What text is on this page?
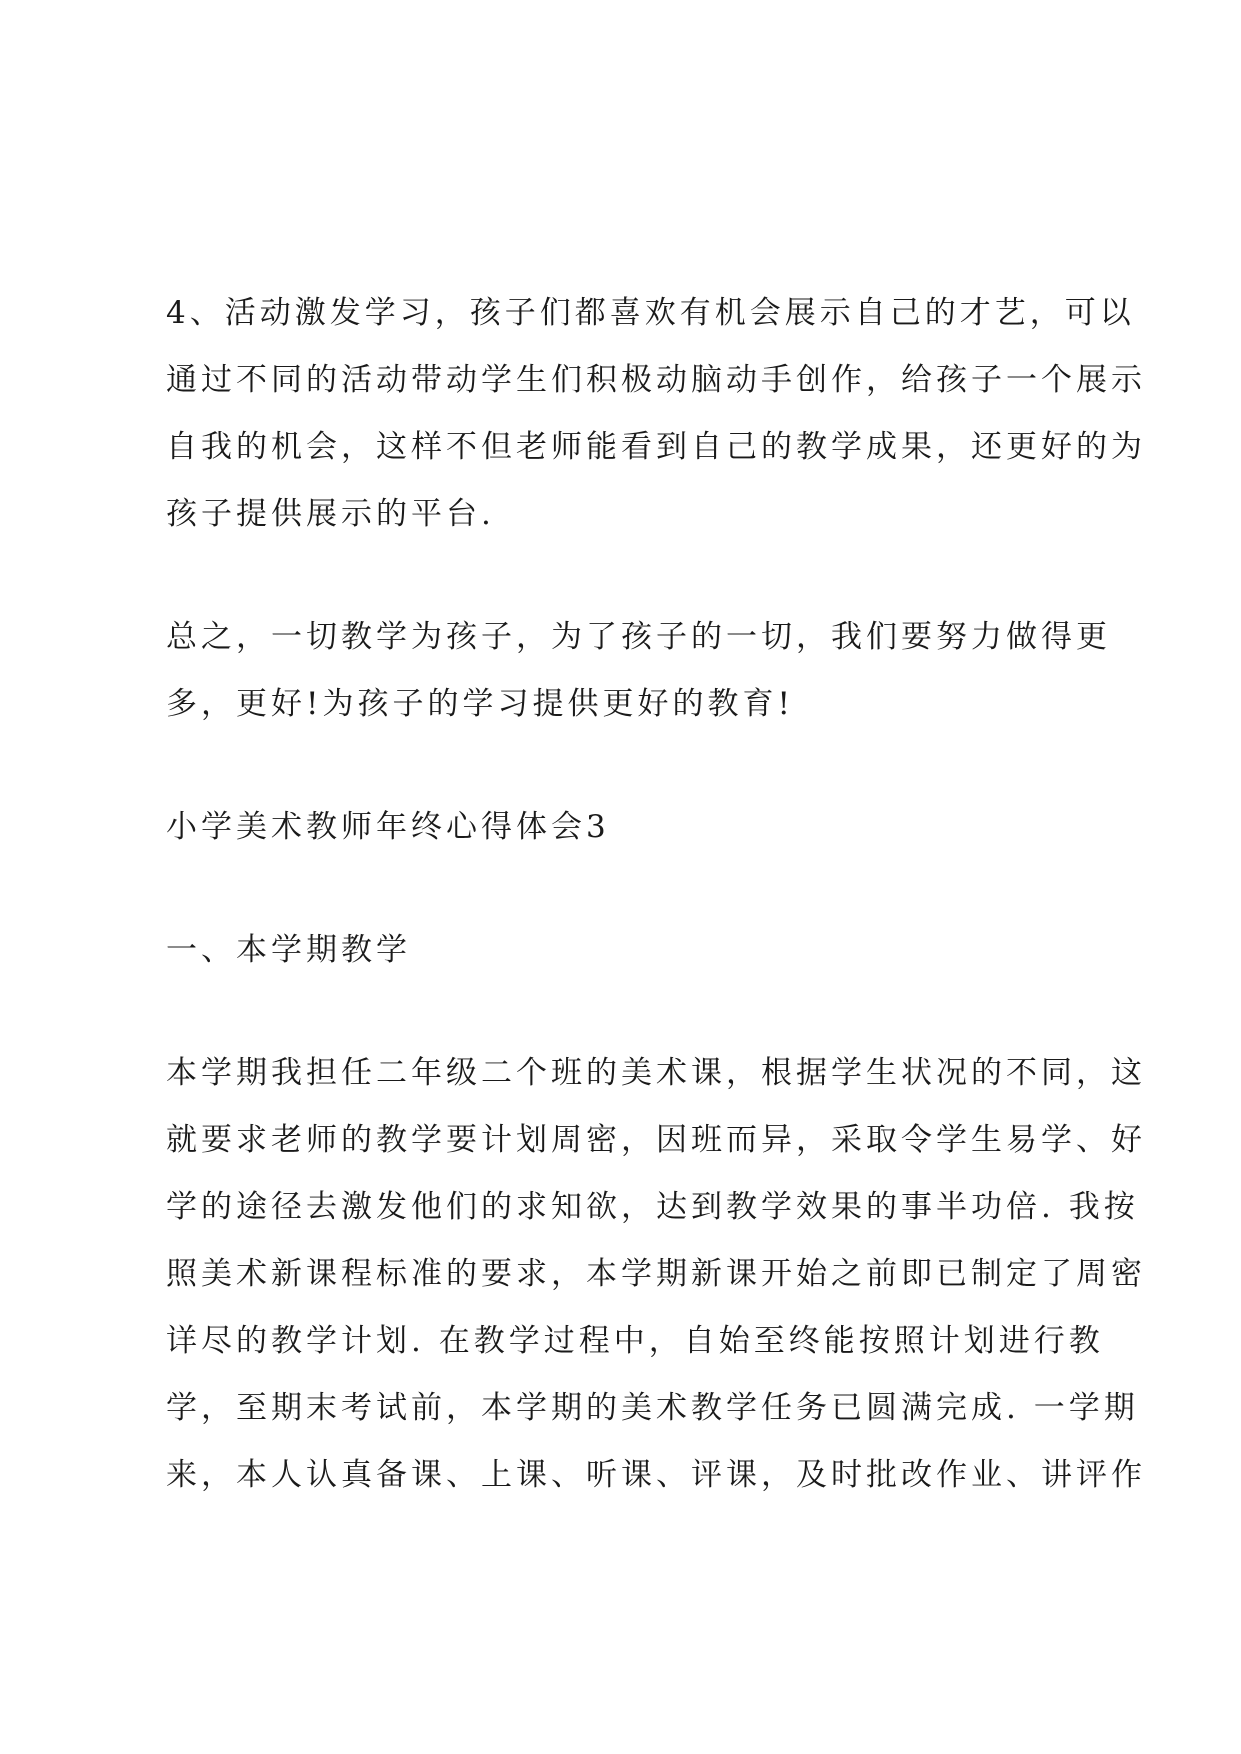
4、活动激发学习，孩子们都喜欢有机会展示自己的才艺，可以
通过不同的活动带动学生们积极动脑动手创作，给孩子一个展示
自我的机会，这样不但老师能看到自己的教学成果，还更好的为
孩子提供展示的平台.
总之，一切教学为孩子，为了孩子的一切，我们要努力做得更
多，更好!为孩子的学习提供更好的教育!
小学美术教师年终心得体会3
一、本学期教学
本学期我担任二年级二个班的美术课，根据学生状况的不同，这
就要求老师的教学要计划周密，因班而异，采取令学生易学、好
学的途径去激发他们的求知欲，达到教学效果的事半功倍. 我按
照美术新课程标准的要求，本学期新课开始之前即已制定了周密
详尽的教学计划. 在教学过程中，自始至终能按照计划进行教
学，至期末考试前，本学期的美术教学任务已圆满完成. 一学期
来，本人认真备课、上课、听课、评课，及时批改作业、讲评作
